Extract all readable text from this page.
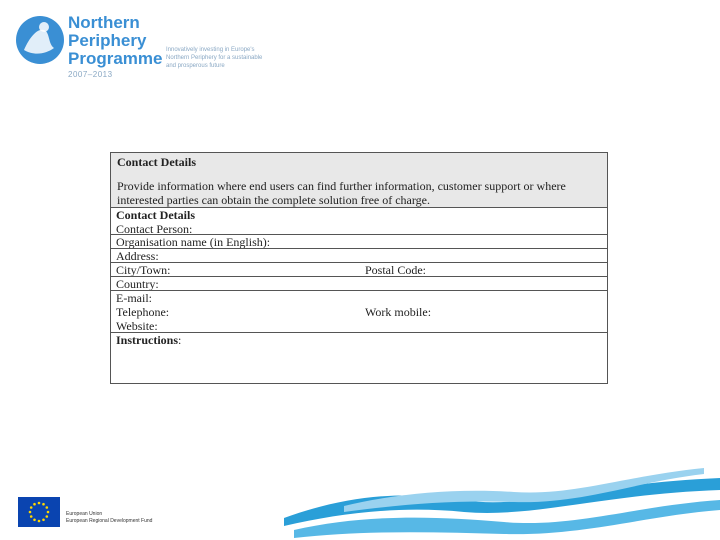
Northern
Periphery
Programme
2007–2013
Innovatively investing in Europe's Northern Periphery for a sustainable and prosperous future
Contact Details
Provide information where end users can find further information, customer support or where interested parties can obtain the complete solution free of charge.
Contact Details
Contact Person:
Organisation name (in English):
Address:
City/Town:	Postal Code:
Country:
E-mail:
Telephone:
Website:
Work mobile:
Instructions:
European Union
European Regional Development Fund
